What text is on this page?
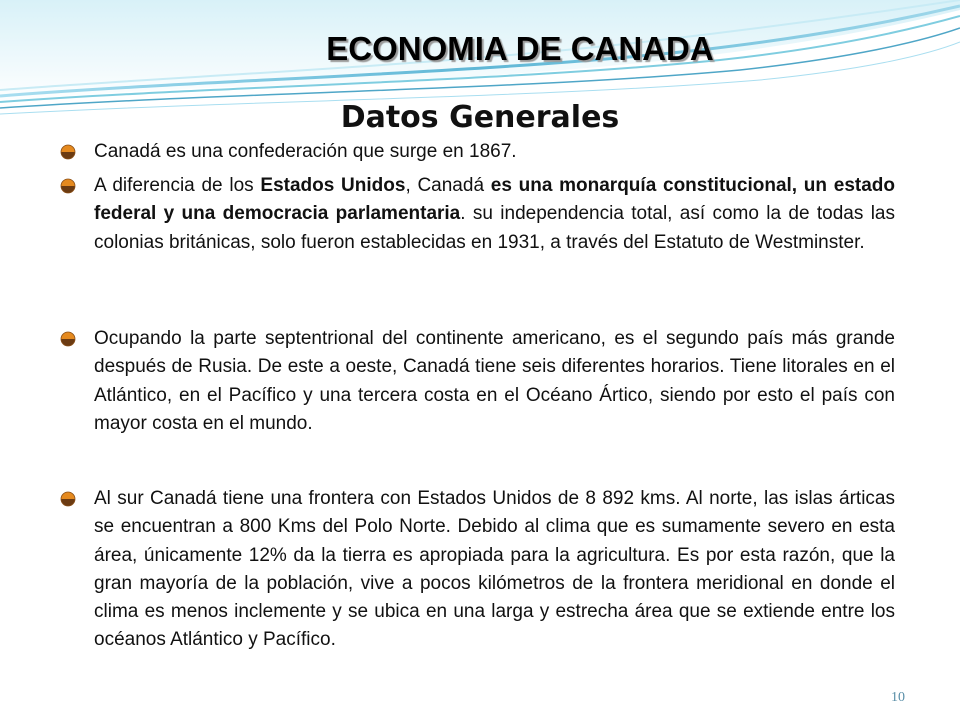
ECONOMIA DE CANADA
Datos Generales
Canadá es una confederación que surge en 1867.
A diferencia de los Estados Unidos, Canadá es una monarquía constitucional, un estado federal y una democracia parlamentaria. su independencia total, así como la de todas las colonias británicas, solo fueron establecidas en 1931, a través del Estatuto de Westminster.
Ocupando la parte septentrional del continente americano, es el segundo país más grande después de Rusia. De este a oeste, Canadá tiene seis diferentes horarios. Tiene litorales en el Atlántico, en el Pacífico y una tercera costa en el Océano Ártico, siendo por esto el país con mayor costa en el mundo.
Al sur Canadá tiene una frontera con Estados Unidos de 8 892 kms. Al norte, las islas árticas se encuentran a 800 Kms del Polo Norte. Debido al clima que es sumamente severo en esta área, únicamente 12% da la tierra es apropiada para la agricultura. Es por esta razón, que la gran mayoría de la población, vive a pocos kilómetros de la frontera meridional en donde el clima es menos inclemente y se ubica en una larga y estrecha área que se extiende entre los océanos Atlántico y Pacífico.
10
